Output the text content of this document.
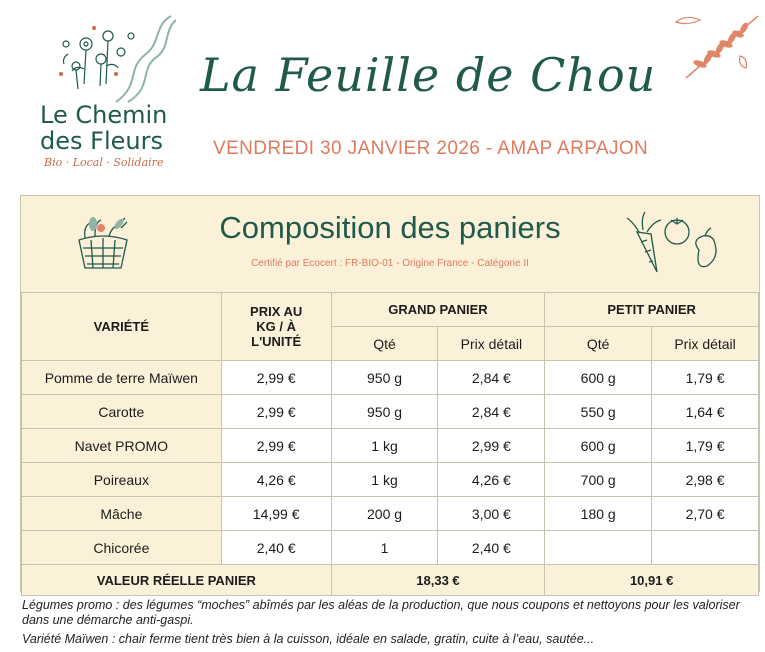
Le Chemin
des Fleurs
Bio · Local · Solidaire
La Feuille de Chou
VENDREDI 30 JANVIER 2026 - AMAP ARPAJON
Composition des paniers
Certifié par Ecocert : FR-BIO-01 - Origine France - Catégorie II
VARIÉTÉ	PRIX AU KG / À L'UNITÉ	GRAND PANIER		PETIT PANIER	
		Qté	Prix détail	Qté	Prix détail
Pomme de terre Maïwen	2,99 €	950 g	2,84 €	600 g	1,79 €
Carotte	2,99 €	950 g	2,84 €	550 g	1,64 €
Navet PROMO	2,99 €	1 kg	2,99 €	600 g	1,79 €
Poireaux	4,26 €	1 kg	4,26 €	700 g	2,98 €
Mâche	14,99 €	200 g	3,00 €	180 g	2,70 €
Chicorée	2,40 €	1	2,40 €		
VALEUR RÉELLE PANIER		18,33 €		10,91 €	

Légumes promo : des légumes “moches” abîmés par les aléas de la production, que nous coupons et nettoyons pour les valoriser dans une démarche anti-gaspi.

Variété Maïwen : chair ferme tient très bien à la cuisson, idéale en salade, gratin, cuite à l’eau, sautée...
